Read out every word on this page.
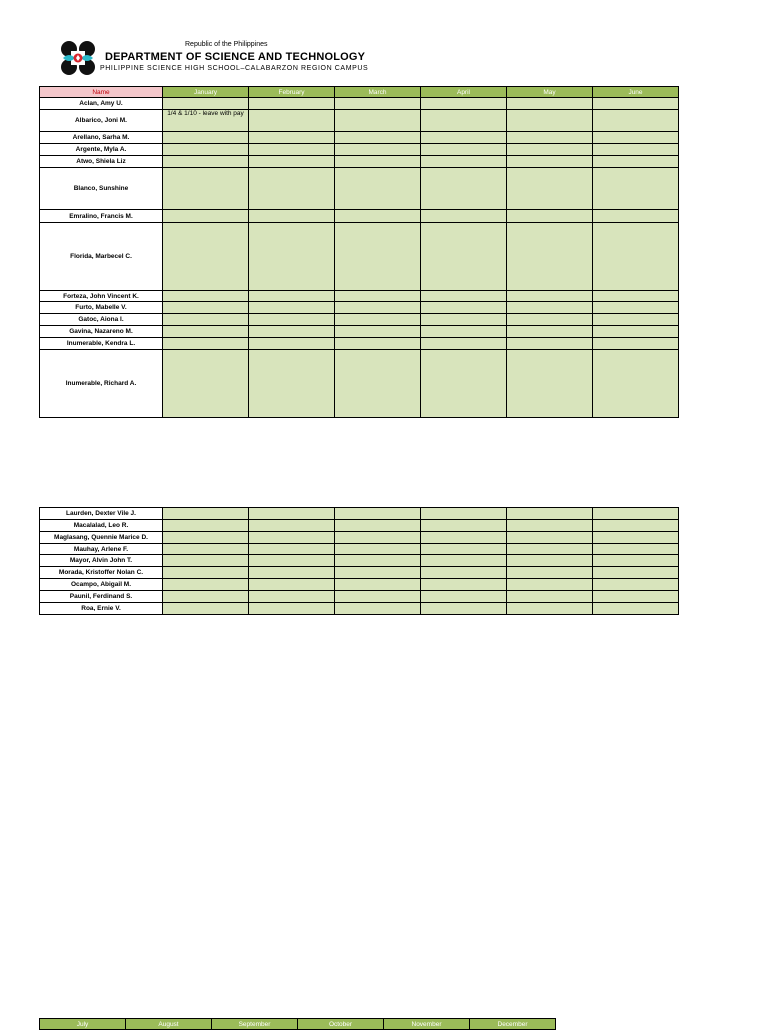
Republic of the Philippines
DEPARTMENT OF SCIENCE AND TECHNOLOGY
PHILIPPINE SCIENCE HIGH SCHOOL–CALABARZON REGION CAMPUS
Name	January	February	March	April	May	June
Aclan, Amy U.						
Albarico, Joni M.	1/4 & 1/10 - leave with pay					
Arellano, Sarha M.						
Argente, Myla A.						
Atwo, Shiela Liz						
Blanco, Sunshine						
Emralino, Francis M.						
Florida, Marbecel C.						
Forteza, John Vincent K.						
Furto, Mabelle V.						
Gatoc, Aiona I.						
Gavina, Nazareno M.						
Inumerable, Kendra L.						
Inumerable, Richard A.						
Laurden, Dexter Vile J.						
Macalalad, Leo R.						
Maglasang, Quennie Marice D.						
Mauhay, Arlene F.						
Mayor, Alvin John T.						
Morada, Kristoffer Nolan C.						
Ocampo, Abigail M.						
Paunil, Ferdinand S.						
Roa, Ernie V.						
July	August	September	October	November	December
